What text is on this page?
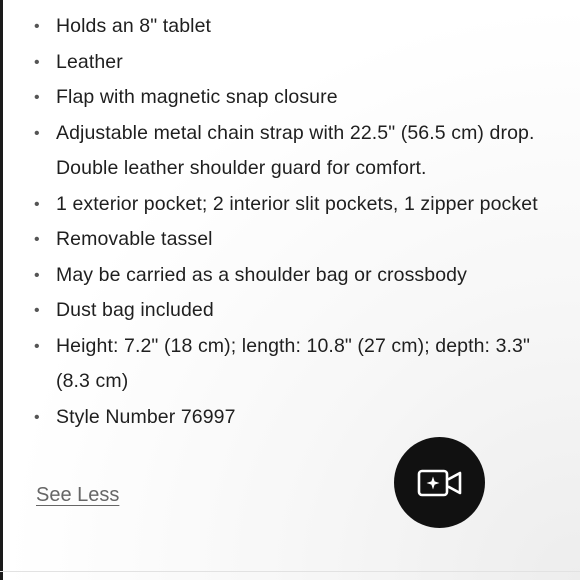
• Holds an 8" tablet
• Leather
• Flap with magnetic snap closure
• Adjustable metal chain strap with 22.5" (56.5 cm) drop. Double leather shoulder guard for comfort.
• 1 exterior pocket; 2 interior slit pockets, 1 zipper pocket
• Removable tassel
• May be carried as a shoulder bag or crossbody
• Dust bag included
• Height: 7.2" (18 cm); length: 10.8" (27 cm); depth: 3.3" (8.3 cm)
• Style Number 76997
See Less
